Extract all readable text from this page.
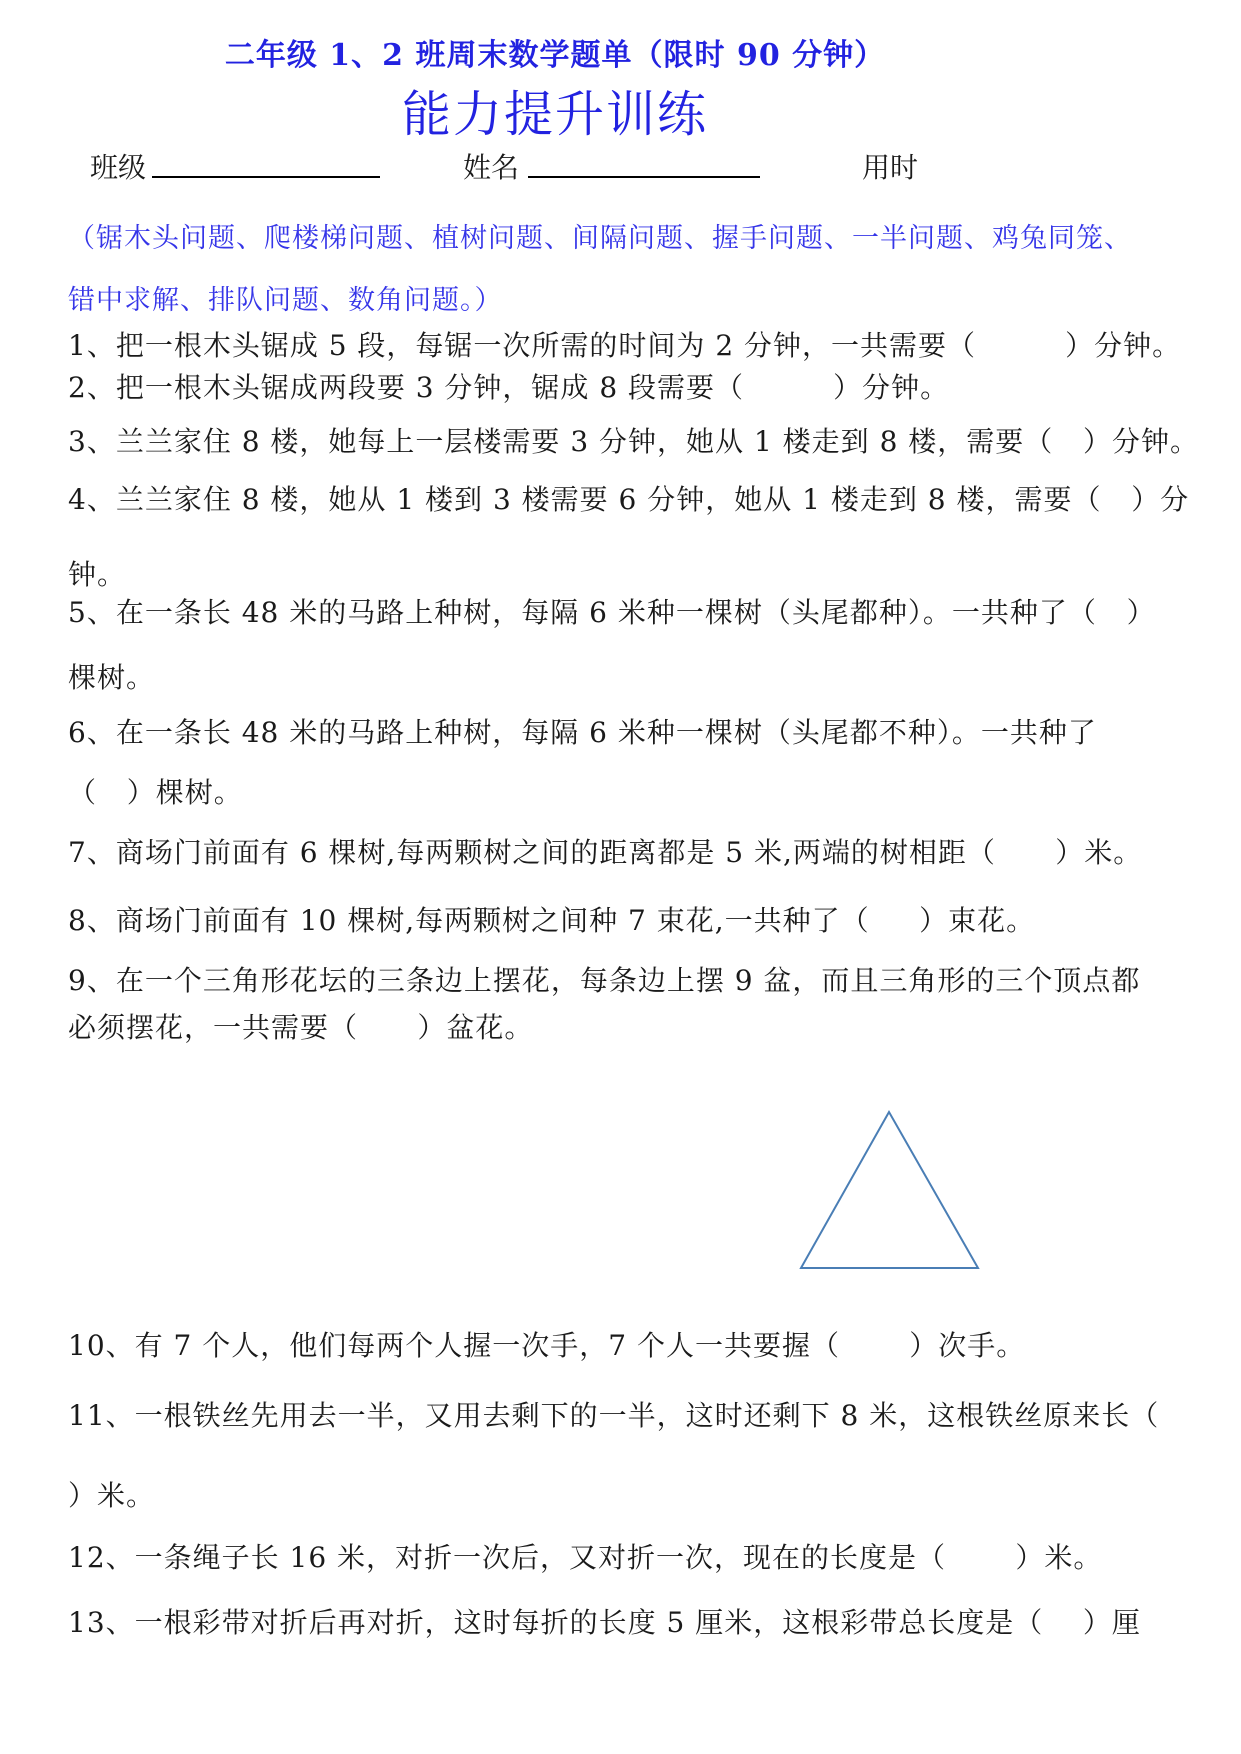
二年级 1、2 班周末数学题单（限时 90 分钟）
能力提升训练
班级	姓名	用时
（锯木头问题、爬楼梯问题、植树问题、间隔问题、握手问题、一半问题、鸡兔同笼、
错中求解、排队问题、数角问题。）
1、把一根木头锯成 5 段，每锯一次所需的时间为 2 分钟，一共需要（         ）分钟。
2、把一根木头锯成两段要 3 分钟，锯成 8 段需要（         ）分钟。
3、兰兰家住 8 楼，她每上一层楼需要 3 分钟，她从 1 楼走到 8 楼，需要（   ）分钟。
4、兰兰家住 8 楼，她从 1 楼到 3 楼需要 6 分钟，她从 1 楼走到 8 楼，需要（   ）分
钟。
5、在一条长 48 米的马路上种树，每隔 6 米种一棵树（头尾都种）。一共种了（   ）
棵树。
6、在一条长 48 米的马路上种树，每隔 6 米种一棵树（头尾都不种）。一共种了
（   ）棵树。
7、商场门前面有 6 棵树,每两颗树之间的距离都是 5 米,两端的树相距（      ）米。
8、商场门前面有 10 棵树,每两颗树之间种 7 束花,一共种了（     ）束花。
9、在一个三角形花坛的三条边上摆花，每条边上摆 9 盆，而且三角形的三个顶点都
必须摆花，一共需要（      ）盆花。
10、有 7 个人，他们每两个人握一次手，7 个人一共要握（       ）次手。
11、一根铁丝先用去一半，又用去剩下的一半，这时还剩下 8 米，这根铁丝原来长（
）米。
12、一条绳子长 16 米，对折一次后，又对折一次，现在的长度是（       ）米。
13、一根彩带对折后再对折，这时每折的长度 5 厘米，这根彩带总长度是（    ）厘
